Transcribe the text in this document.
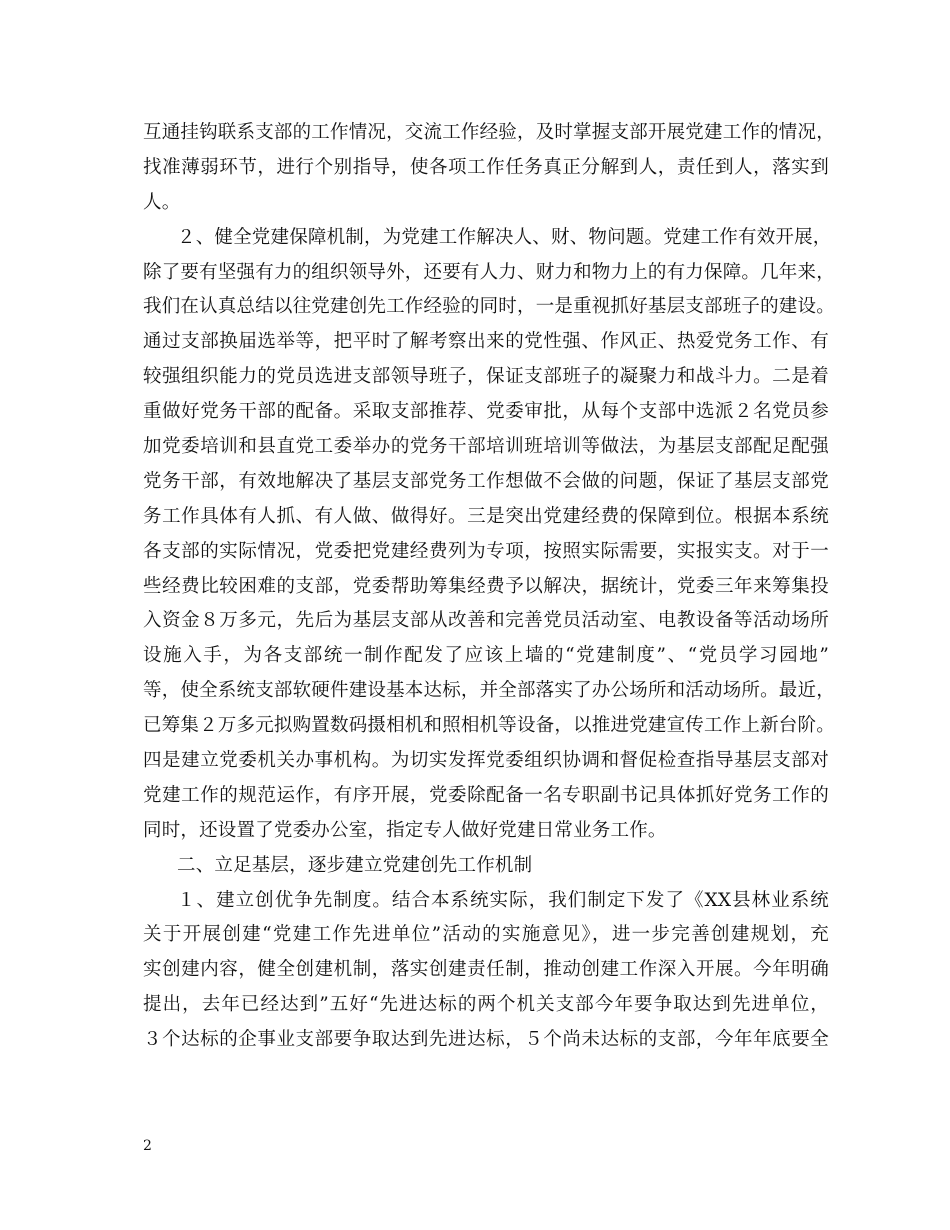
互通挂钩联系支部的工作情况，交流工作经验，及时掌握支部开展党建工作的情况，
找准薄弱环节，进行个别指导，使各项工作任务真正分解到人，责任到人，落实到
人。
２、健全党建保障机制，为党建工作解决人、财、物问题。党建工作有效开展，
除了要有坚强有力的组织领导外，还要有人力、财力和物力上的有力保障。几年来，
我们在认真总结以往党建创先工作经验的同时，一是重视抓好基层支部班子的建设。
通过支部换届选举等，把平时了解考察出来的党性强、作风正、热爱党务工作、有
较强组织能力的党员选进支部领导班子，保证支部班子的凝聚力和战斗力。二是着
重做好党务干部的配备。采取支部推荐、党委审批，从每个支部中选派２名党员参
加党委培训和县直党工委举办的党务干部培训班培训等做法，为基层支部配足配强
党务干部，有效地解决了基层支部党务工作想做不会做的问题，保证了基层支部党
务工作具体有人抓、有人做、做得好。三是突出党建经费的保障到位。根据本系统
各支部的实际情况，党委把党建经费列为专项，按照实际需要，实报实支。对于一
些经费比较困难的支部，党委帮助筹集经费予以解决，据统计，党委三年来筹集投
入资金８万多元，先后为基层支部从改善和完善党员活动室、电教设备等活动场所
设施入手，为各支部统一制作配发了应该上墙的“党建制度”、“党员学习园地”
等，使全系统支部软硬件建设基本达标，并全部落实了办公场所和活动场所。最近，
已筹集２万多元拟购置数码摄相机和照相机等设备，以推进党建宣传工作上新台阶。
四是建立党委机关办事机构。为切实发挥党委组织协调和督促检查指导基层支部对
党建工作的规范运作，有序开展，党委除配备一名专职副书记具体抓好党务工作的
同时，还设置了党委办公室，指定专人做好党建日常业务工作。
二、立足基层，逐步建立党建创先工作机制
１、建立创优争先制度。结合本系统实际，我们制定下发了《XX县林业系统
关于开展创建“党建工作先进单位”活动的实施意见》，进一步完善创建规划，充
实创建内容，健全创建机制，落实创建责任制，推动创建工作深入开展。今年明确
提出，去年已经达到”五好“先进达标的两个机关支部今年要争取达到先进单位，
３个达标的企事业支部要争取达到先进达标，５个尚未达标的支部，今年年底要全
2
